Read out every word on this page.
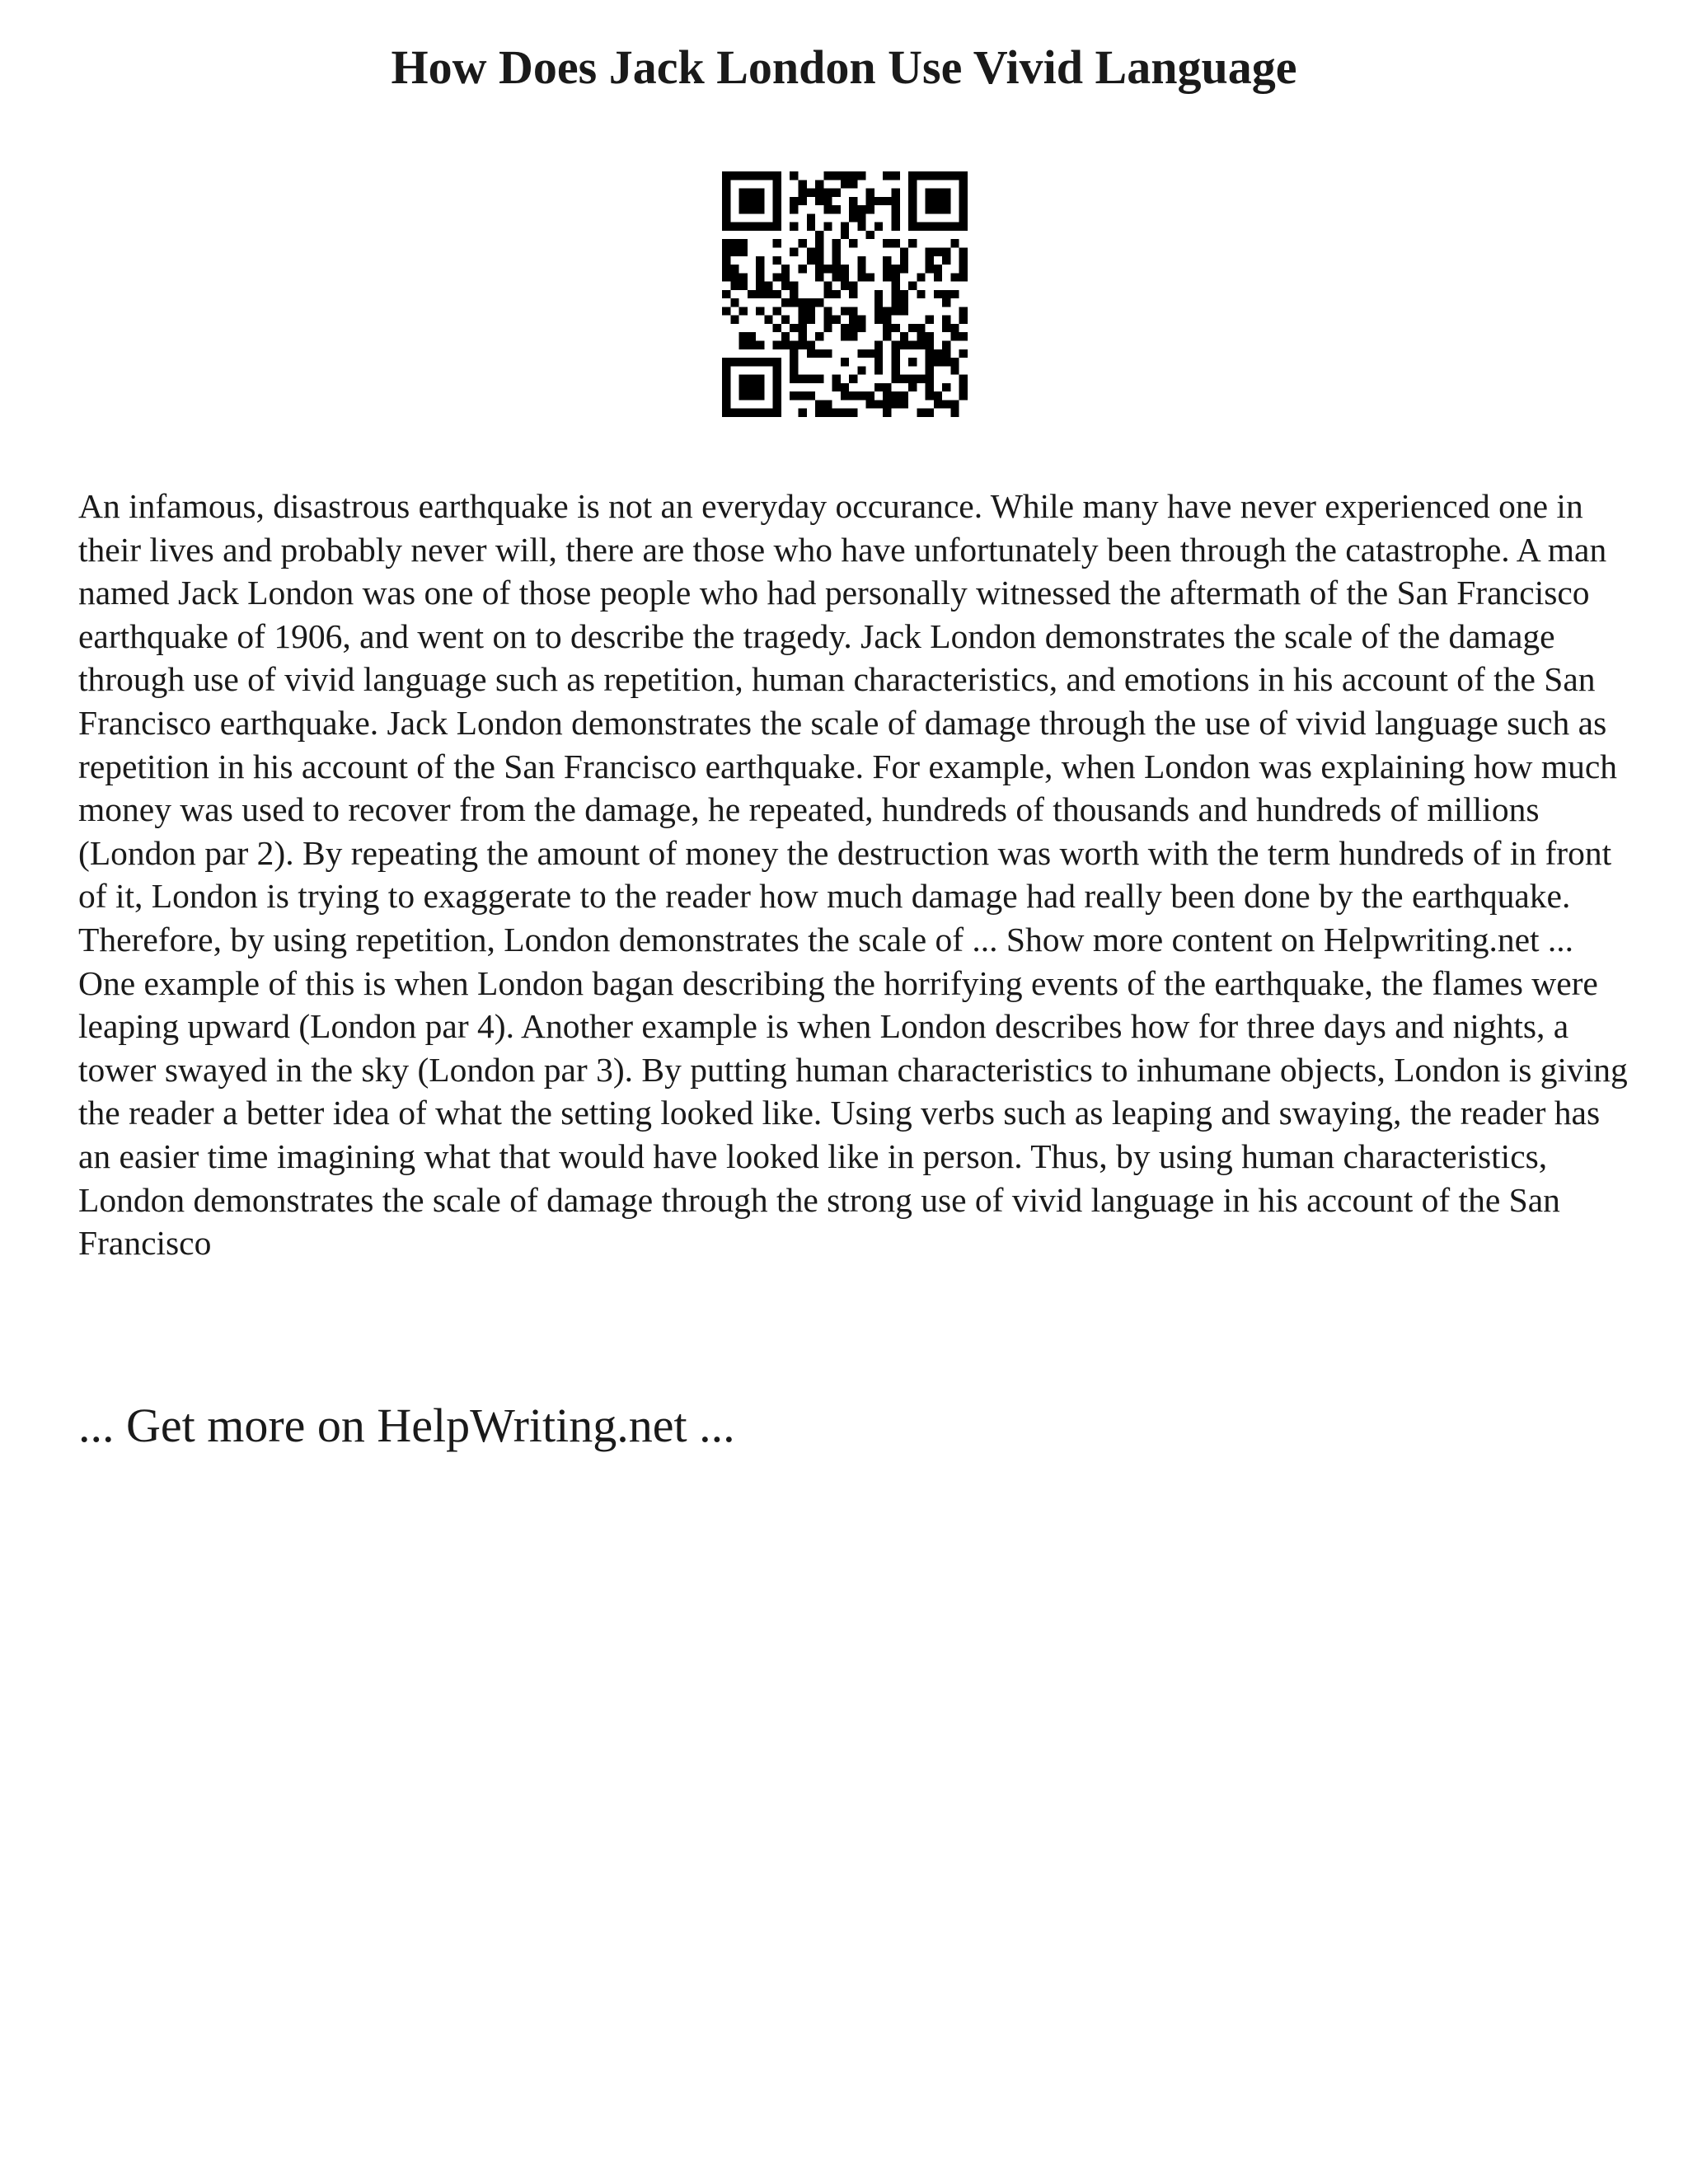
How Does Jack London Use Vivid Language

An infamous, disastrous earthquake is not an everyday occurance. While many have never experienced one in their lives and probably never will, there are those who have unfortunately been through the catastrophe. A man named Jack London was one of those people who had personally witnessed the aftermath of the San Francisco earthquake of 1906, and went on to describe the tragedy. Jack London demonstrates the scale of the damage through use of vivid language such as repetition, human characteristics, and emotions in his account of the San Francisco earthquake. Jack London demonstrates the scale of damage through the use of vivid language such as repetition in his account of the San Francisco earthquake. For example, when London was explaining how much money was used to recover from the damage, he repeated, hundreds of thousands and hundreds of millions (London par 2). By repeating the amount of money the destruction was worth with the term hundreds of in front of it, London is trying to exaggerate to the reader how much damage had really been done by the earthquake. Therefore, by using repetition, London demonstrates the scale of ... Show more content on Helpwriting.net ...

One example of this is when London bagan describing the horrifying events of the earthquake, the flames were leaping upward (London par 4). Another example is when London describes how for three days and nights, a tower swayed in the sky (London par 3). By putting human characteristics to inhumane objects, London is giving the reader a better idea of what the setting looked like. Using verbs such as leaping and swaying, the reader has an easier time imagining what that would have looked like in person. Thus, by using human characteristics, London demonstrates the scale of damage through the strong use of vivid language in his account of the San Francisco

... Get more on HelpWriting.net ...
